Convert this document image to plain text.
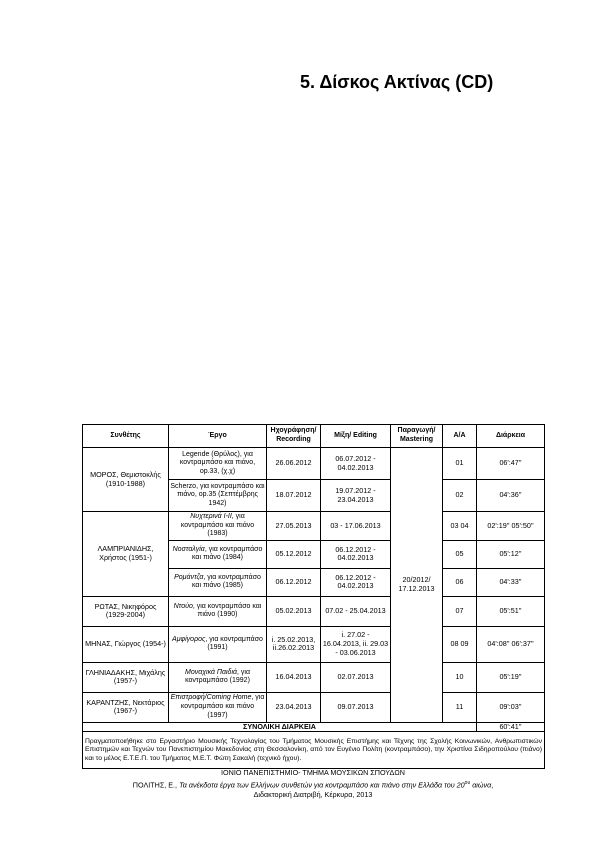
5. Δίσκος Ακτίνας (CD)
Συνθέτης	Έργο	Ηχογράφηση/ Recording	Μίξη/ Editing	Παραγωγή/ Mastering	Α/Α	Διάρκεια
ΜΟΡΟΣ, Θεμιστοκλής (1910-1988)	Legende (Θρύλος), για κοντραμπάσο και πιάνο, op.33, (χ.χ)	26.06.2012	06.07.2012 - 04.02.2013	20/2012/ 17.12.2013	01	06':47''
	Scherzo, για κοντραμπάσο και πιάνο, op.35 (Σεπτέμβρης 1942)	18.07.2012	19.07.2012 - 23.04.2013		02	04':36''
ΛΑΜΠΡΙΑΝΙΔΗΣ, Χρήστος (1951-)	Νυχτερινά I-II, για κοντραμπάσο και πιάνο (1983)	27.05.2013	03 - 17.06.2013		03 04	02':19'' 05':50''
	Νοσταλγία, για κοντραμπάσο και πιάνο (1984)	05.12.2012	06.12.2012 - 04.02.2013		05	05':12''
	Ρομάντζα, για κοντραμπάσο και πιάνο (1985)	06.12.2012	06.12.2012 - 04.02.2013		06	04':33''
ΡΩΤΑΣ, Νικηφόρος (1929-2004)	Ντούο, για κοντραμπάσο και πιάνο (1990)	05.02.2013	07.02 - 25.04.2013		07	05':51''
ΜΗΝΑΣ, Γιώργος (1954-)	Αμφίγορος, για κοντραμπάσο (1991)	i. 25.02.2013, ii.26.02.2013	i. 27.02 - 16.04.2013, ii. 29.03 - 03.06.2013		08 09	04':08'' 06':37''
ΓΛΗΝΙΑΔΑΚΗΣ, Μιχάλης (1957-)	Μοναχικά Παιδιά, για κοντραμπάσο (1992)	16.04.2013	02.07.2013		10	05':19''
ΚΑΡΑΝΤΖΗΣ, Νεκτάριος (1967-)	Επιστροφή/Coming Home, για κοντραμπάσο και πιάνο (1997)	23.04.2013	09.07.2013		11	09':03''
ΣΥΝΟΛΙΚΗ ΔΙΑΡΚΕΙΑ						60':41''
Πραγματοποιήθηκε στο Εργαστήριο Μουσικής Τεχνολογίας του Τμήματος Μουσικής Επιστήμης και Τέχνης της Σχολής Κοινωνικών, Ανθρωπιστικών Επιστημών και Τεχνών του Πανεπιστημίου Μακεδονίας στη Θεσσαλονίκη, από τον Ευγένιο Πολίτη (κοντραμπάσο), την Χριστίνα Σιδηροπούλου (πιάνο) και το μέλος Ε.Τ.Ε.Π. του Τμήματος Μ.Ε.Τ. Φώτη Σακαλή (τεχνικό ήχου).						
ΙΟΝΙΟ ΠΑΝΕΠΙΣΤΗΜΙΟ- ΤΜΗΜΑ ΜΟΥΣΙΚΩΝ ΣΠΟΥΔΩΝ
ΠΟΛΙΤΗΣ, Ε., Τα ανέκδοτα έργα των Ελλήνων συνθετών για κοντραμπάσο και πιάνο στην Ελλάδα του $20^{o\upsilon}$ αιώνα,
Διδακτορική Διατριβή, Κέρκυρα, 2013
